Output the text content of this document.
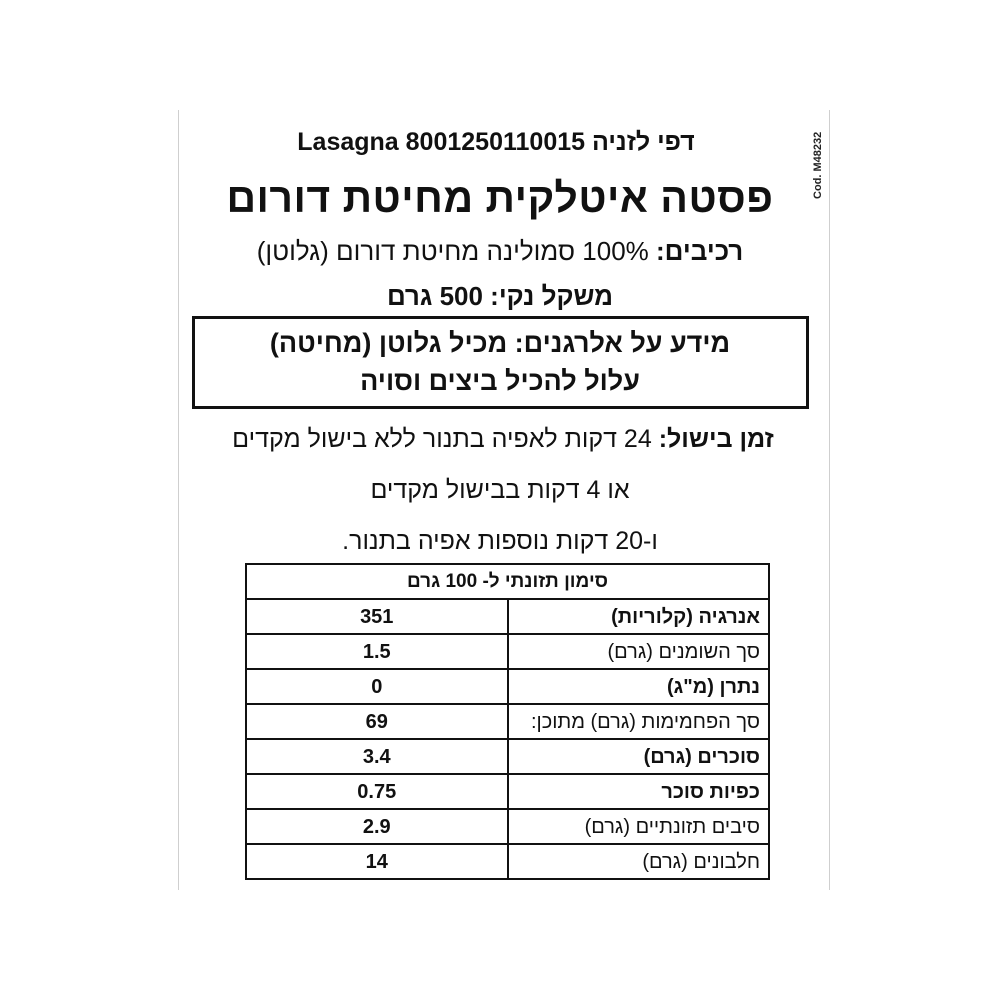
Cod. M48232
Lasagna 8001250110015 דפי לזניה
פסטה איטלקית מחיטת דורום
רכיבים: 100% סמולינה מחיטת דורום (גלוטן)
משקל נקי: 500 גרם
מידע על אלרגנים: מכיל גלוטן (מחיטה)
עלול להכיל ביצים וסויה
זמן בישול: 24 דקות לאפיה בתנור ללא בישול מקדים
או 4 דקות בבישול מקדים
ו-20 דקות נוספות אפיה בתנור.
סימון תזונתי ל- 100 גרם	
אנרגיה (קלוריות)	351
סך השומנים (גרם)	1.5
נתרן (מ"ג)	0
סך הפחמימות (גרם) מתוכן:	69
סוכרים (גרם)	3.4
כפיות סוכר	0.75
סיבים תזונתיים (גרם)	2.9
חלבונים (גרם)	14
